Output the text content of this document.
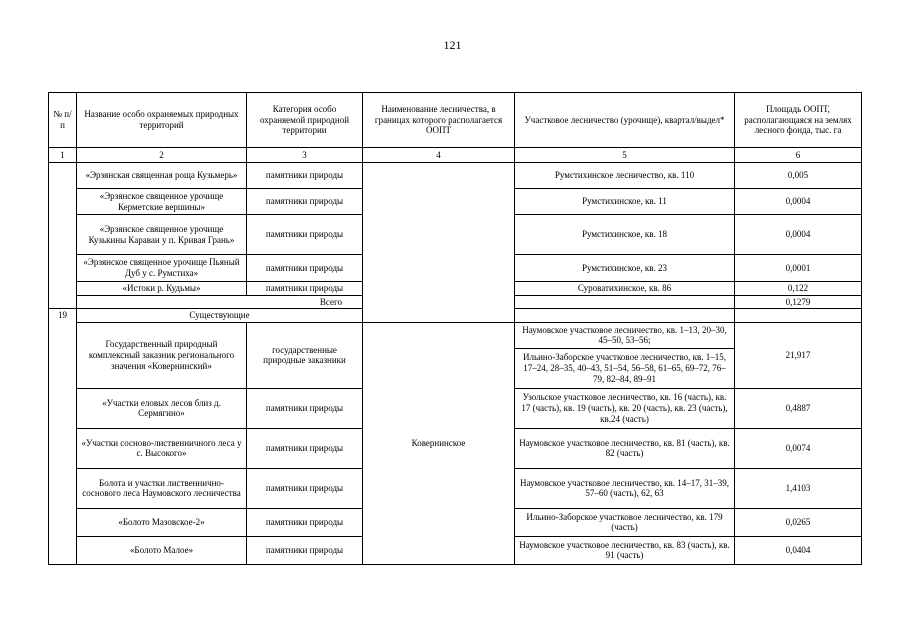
121
№ п/п	Название особо охраняемых природных территорий	Категория особо охраняемой природной территории	Наименование лесничества, в границах которого располагается ООПТ	Участковое лесничество (урочище), квартал/выдел*	Площадь ООПТ, располагающаяся на землях лесного фонда, тыс. га
1	2	3	4	5	6
	«Эрзянская священная роща Кузьмерь»	памятники природы		Румстихинское лесничество, кв. 110	0,005
	«Эрзянское священное урочище Керметские вершины»	памятники природы		Румстихинское, кв. 11	0,0004
	«Эрзянское священное урочище Кузькины Караваи у п. Кривая Грань»	памятники природы		Румстихинское, кв. 18	0,0004
	«Эрзянское священное урочище Пьяный Дуб у с. Румстиха»	памятники природы		Румстихинское, кв. 23	0,0001
	«Истоки р. Кудьмы»	памятники природы		Суроватихинское, кв. 86	0,122
	Всего				0,1279
19	Существующие				
	Государственный природный комплексный заказник регионального значения «Ковернинский»	государственные природные заказники	Ковернинское	Наумовское участковое лесничество, кв. 1–13, 20–30, 45–50, 53–56;	21,917
				Ильино-Заборское участковое лесничество, кв. 1–15, 17–24, 28–35, 40–43, 51–54, 56–58, 61–65, 69–72, 76–79, 82–84, 89–91	
	«Участки еловых лесов близ д. Сермягино»	памятники природы		Узольское участковое лесничество, кв. 16 (часть), кв. 17 (часть), кв. 19 (часть), кв. 20 (часть), кв. 23 (часть), кв.24 (часть)	0,4887
	«Участки сосново-лиственничного леса у с. Высокого»	памятники природы		Наумовское участковое лесничество, кв. 81 (часть), кв. 82 (часть)	0,0074
	Болота и участки лиственнично-соснового леса Наумовского лесничества	памятники природы		Наумовское участковое лесничество, кв. 14–17, 31–39, 57–60 (часть), 62, 63	1,4103
	«Болото Мазовское-2»	памятники природы		Ильино-Заборское участковое лесничество, кв. 179 (часть)	0,0265
	«Болото Малое»	памятники природы		Наумовское участковое лесничество, кв. 83 (часть), кв. 91 (часть)	0,0404
